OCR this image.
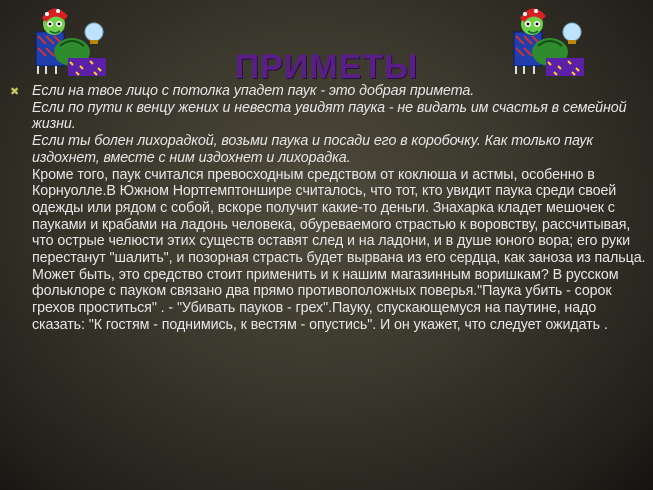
ПРИМЕТЫ
✖ Если на твое лицо с потолка упадет паук - это добрая примета.

Если по пути к венцу жених и невеста увидят паука - не видать им счастья в семейной жизни.

Если ты болен лихорадкой, возьми паука и посади его в коробочку. Как только паук издохнет, вместе с ним издохнет и лихорадка.

Кроме того, паук считался превосходным средством от коклюша и астмы, особенно в Корнуолле.В Южном Нортгемптоншире считалось, что тот, кто увидит паука среди своей одежды или рядом с собой, вскоре получит какие-то деньги. Знахарка кладет мешочек с пауками и крабами на ладонь человека, обуреваемого страстью к воровству, рассчитывая, что острые челюсти этих существ оставят след и на ладони, и в душе юного вора; его руки перестанут "шалить", и позорная страсть будет вырвана из его сердца, как заноза из пальца. Может быть, это средство стоит применить и к нашим магазинным воришкам? В русском фольклоре с пауком связано два прямо противоположных поверья."Паука убить - сорок грехов проститься" . - "Убивать пауков - грех".Пауку, спускающемуся на паутине, надо сказать: "К гостям - поднимись, к вестям - опустись". И он укажет, что следует ожидать .
